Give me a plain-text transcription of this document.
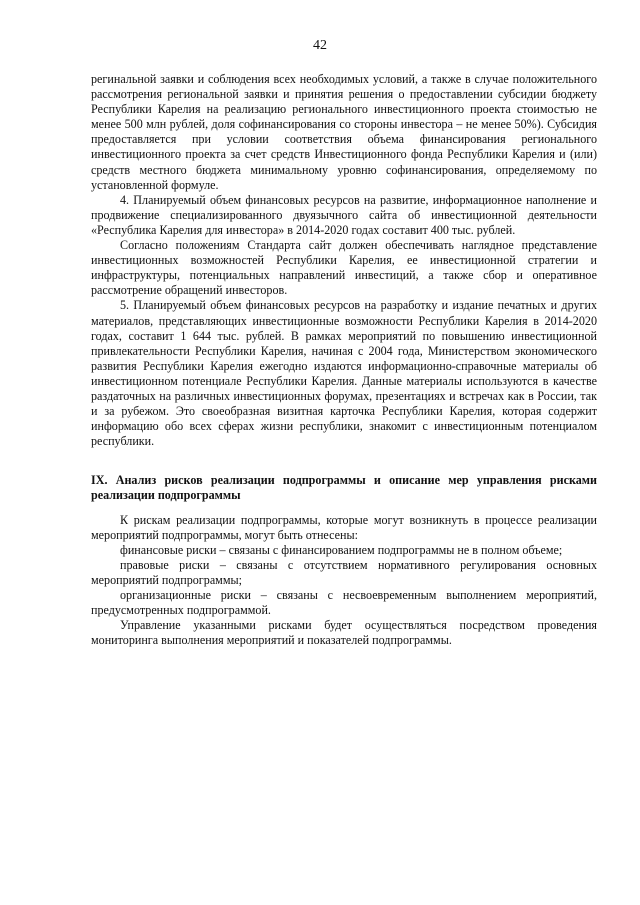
42

регинальной заявки и соблюдения всех необходимых условий, а также в случае положительного рассмотрения региональной заявки и принятия решения о предоставлении субсидии бюджету Республики Карелия на реализацию регионального инвестиционного проекта стоимостью не менее 500 млн рублей, доля софинансирования со стороны инвестора – не менее 50%). Субсидия предоставляется при условии соответствия объема финансирования регионального инвестиционного проекта за счет средств Инвестиционного фонда Республики Карелия и (или) средств местного бюджета минимальному уровню софинансирования, определяемому по установленной формуле.

4. Планируемый объем финансовых ресурсов на развитие, информационное наполнение и продвижение специализированного двуязычного сайта об инвестиционной деятельности «Республика Карелия для инвестора» в 2014-2020 годах составит 400 тыс. рублей.

Согласно положениям Стандарта сайт должен обеспечивать наглядное представление инвестиционных возможностей Республики Карелия, ее инвестиционной стратегии и инфраструктуры, потенциальных направлений инвестиций, а также сбор и оперативное рассмотрение обращений инвесторов.

5. Планируемый объем финансовых ресурсов на разработку и издание печатных и других материалов, представляющих инвестиционные возможности Республики Карелия в 2014-2020 годах, составит 1 644 тыс. рублей. В рамках мероприятий по повышению инвестиционной привлекательности Республики Карелия, начиная с 2004 года, Министерством экономического развития Республики Карелия ежегодно издаются информационно-справочные материалы об инвестиционном потенциале Республики Карелия. Данные материалы используются в качестве раздаточных на различных инвестиционных форумах, презентациях и встречах как в России, так и за рубежом. Это своеобразная визитная карточка Республики Карелия, которая содержит информацию обо всех сферах жизни республики, знакомит с инвестиционным потенциалом республики.

IX. Анализ рисков реализации подпрограммы и описание мер управления рисками реализации подпрограммы

К рискам реализации подпрограммы, которые могут возникнуть в процессе реализации мероприятий подпрограммы, могут быть отнесены:

финансовые риски – связаны с финансированием подпрограммы не в полном объеме;

правовые риски – связаны с отсутствием нормативного регулирования основных мероприятий подпрограммы;

организационные риски – связаны с несвоевременным выполнением мероприятий, предусмотренных подпрограммой.

Управление указанными рисками будет осуществляться посредством проведения мониторинга выполнения мероприятий и показателей подпрограммы.
